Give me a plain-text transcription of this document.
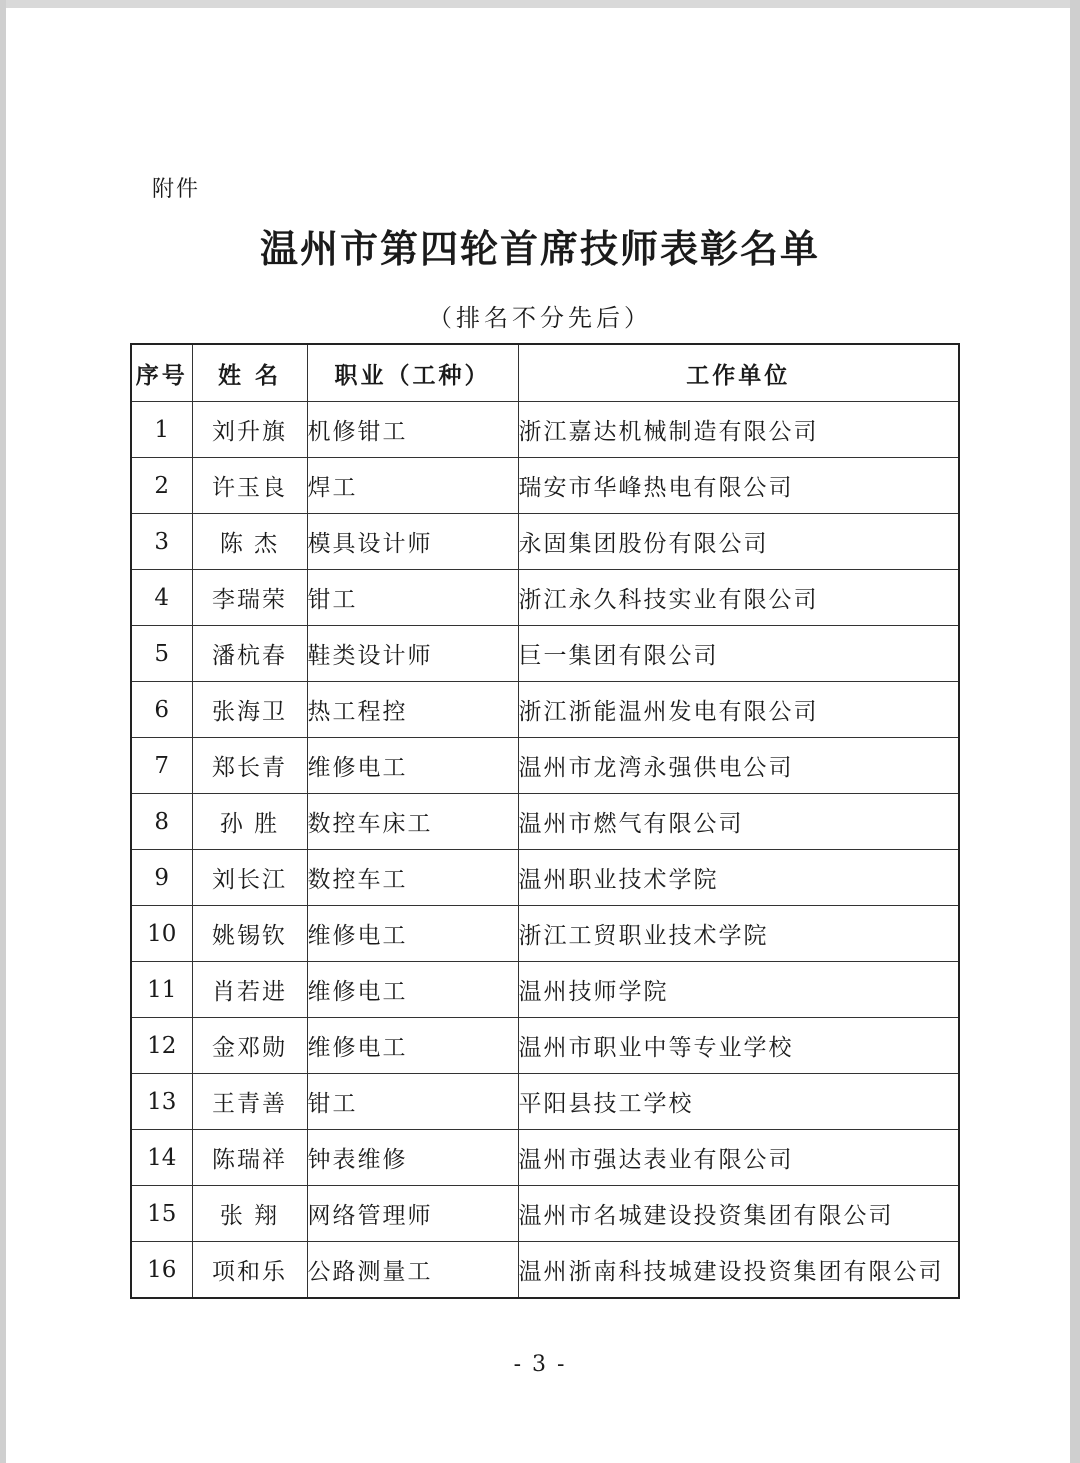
附件
温州市第四轮首席技师表彰名单
（排名不分先后）
序号	姓 名	职业（工种）	工作单位
1	刘升旗	机修钳工	浙江嘉达机械制造有限公司
2	许玉良	焊工	瑞安市华峰热电有限公司
3	陈 杰	模具设计师	永固集团股份有限公司
4	李瑞荣	钳工	浙江永久科技实业有限公司
5	潘杭春	鞋类设计师	巨一集团有限公司
6	张海卫	热工程控	浙江浙能温州发电有限公司
7	郑长青	维修电工	温州市龙湾永强供电公司
8	孙 胜	数控车床工	温州市燃气有限公司
9	刘长江	数控车工	温州职业技术学院
10	姚锡钦	维修电工	浙江工贸职业技术学院
11	肖若进	维修电工	温州技师学院
12	金邓勋	维修电工	温州市职业中等专业学校
13	王青善	钳工	平阳县技工学校
14	陈瑞祥	钟表维修	温州市强达表业有限公司
15	张 翔	网络管理师	温州市名城建设投资集团有限公司
16	项和乐	公路测量工	温州浙南科技城建设投资集团有限公司
- 3 -
